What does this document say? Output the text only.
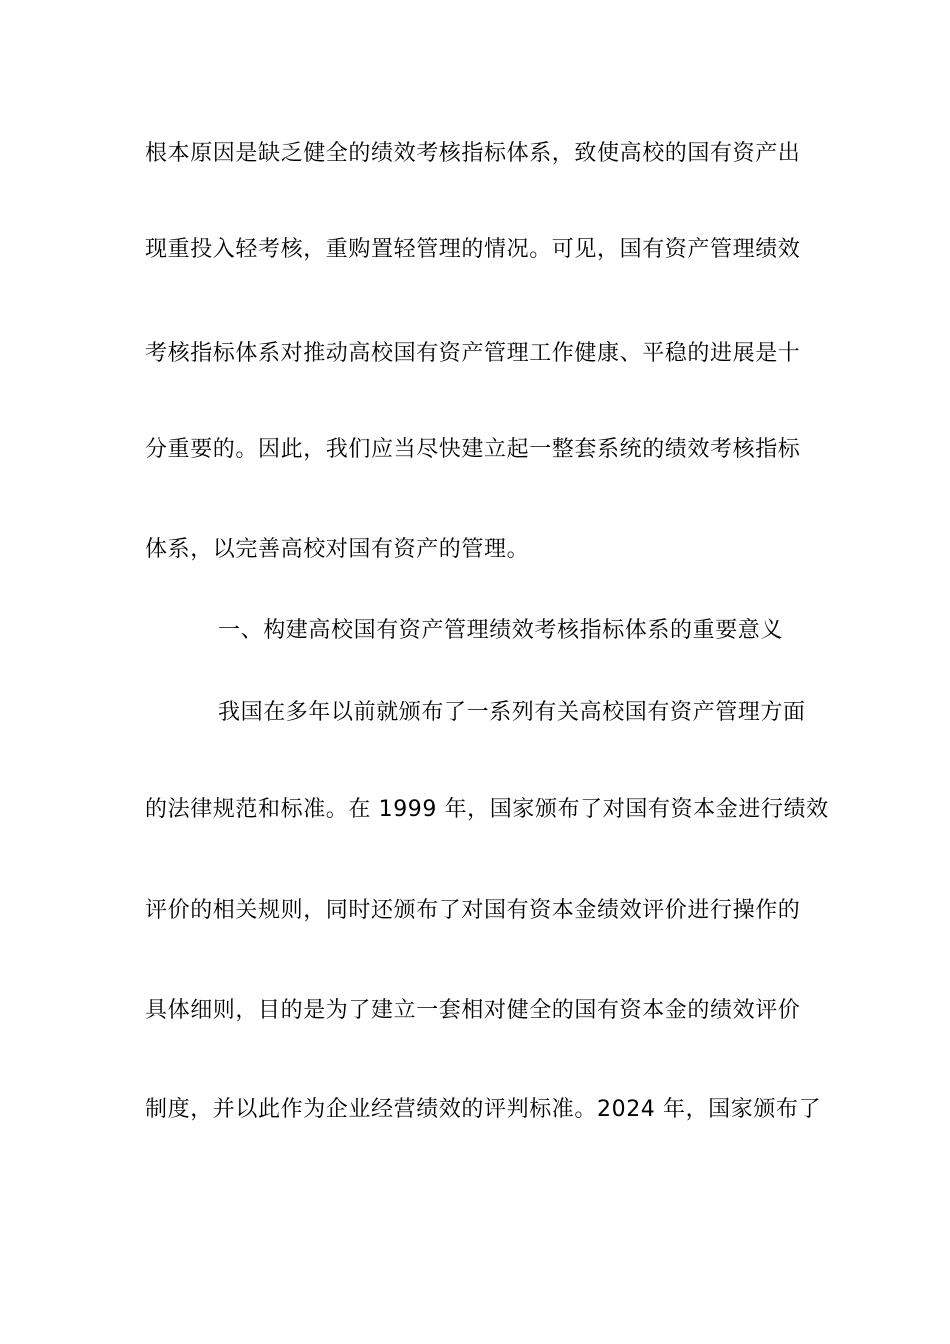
根本原因是缺乏健全的绩效考核指标体系，致使高校的国有资产出
现重投入轻考核，重购置轻管理的情况。可见，国有资产管理绩效
考核指标体系对推动高校国有资产管理工作健康、平稳的进展是十
分重要的。因此，我们应当尽快建立起一整套系统的绩效考核指标
体系，以完善高校对国有资产的管理。
一、构建高校国有资产管理绩效考核指标体系的重要意义
我国在多年以前就颁布了一系列有关高校国有资产管理方面
的法律规范和标准。在 1999 年，国家颁布了对国有资本金进行绩效
评价的相关规则，同时还颁布了对国有资本金绩效评价进行操作的
具体细则，目的是为了建立一套相对健全的国有资本金的绩效评价
制度，并以此作为企业经营绩效的评判标准。2024 年，国家颁布了
